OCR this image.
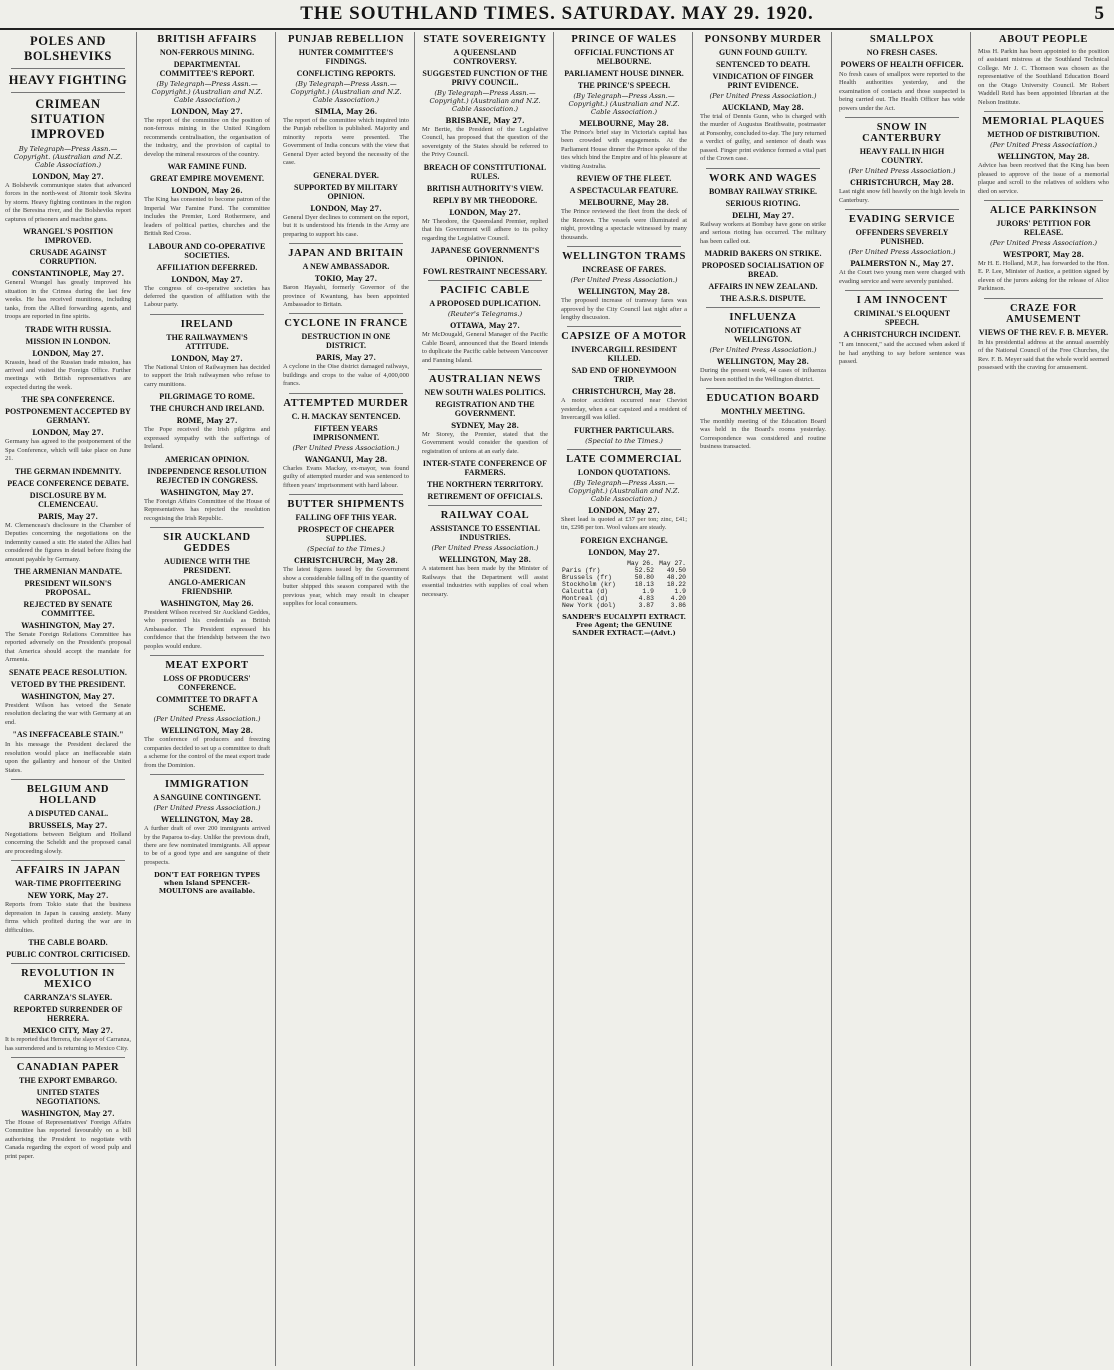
THE SOUTHLAND TIMES. SATURDAY. MAY 29. 1920.	5
POLES AND BOLSHEVIKS
HEAVY FIGHTING
CRIMEAN SITUATION IMPROVED
By Telegraph—Press Assn.—Copyright. (Australian and N.Z. Cable Association.)
LONDON, May 27.

A Bolshevik communique states that advanced forces in the north-west of Jitomir took Skvira by storm. Heavy fighting continues in the region of the Beresina river, and the Bolsheviks report captures of prisoners and machine guns.

WRANGEL'S POSITION IMPROVED.
CRUSADE AGAINST CORRUPTION.
CONSTANTINOPLE, May 27.

General Wrangel has greatly improved his situation in the Crimea during the last few weeks. He has received munitions, including tanks, from the Allied forwarding agents, and troops are reported in fine spirits.

TRADE WITH RUSSIA.
MISSION IN LONDON.
LONDON, May 27.

Krassin, head of the Russian trade mission, has arrived and visited the Foreign Office. Further meetings with British representatives are expected during the week.

THE SPA CONFERENCE.
POSTPONEMENT ACCEPTED BY GERMANY.
LONDON, May 27.

Germany has agreed to the postponement of the Spa Conference, which will take place on June 21.

THE GERMAN INDEMNITY.
PEACE CONFERENCE DEBATE.
DISCLOSURE BY M. CLEMENCEAU.
PARIS, May 27.

M. Clemenceau's disclosure in the Chamber of Deputies concerning the negotiations on the indemnity caused a stir. He stated the Allies had considered the figures in detail before fixing the amount payable by Germany.

THE ARMENIAN MANDATE.
PRESIDENT WILSON'S PROPOSAL.
REJECTED BY SENATE COMMITTEE.
WASHINGTON, May 27.

The Senate Foreign Relations Committee has reported adversely on the President's proposal that America should accept the mandate for Armenia.

SENATE PEACE RESOLUTION.
VETOED BY THE PRESIDENT.
WASHINGTON, May 27.

President Wilson has vetoed the Senate resolution declaring the war with Germany at an end.

"AS INEFFACEABLE STAIN."

In his message the President declared the resolution would place an ineffaceable stain upon the gallantry and honour of the United States.

BELGIUM AND HOLLAND
A DISPUTED CANAL.
BRUSSELS, May 27.

Negotiations between Belgium and Holland concerning the Scheldt and the proposed canal are proceeding slowly.

AFFAIRS IN JAPAN
WAR-TIME PROFITEERING
NEW YORK, May 27.

Reports from Tokio state that the business depression in Japan is causing anxiety. Many firms which profited during the war are in difficulties.

THE CABLE BOARD.
PUBLIC CONTROL CRITICISED.
REVOLUTION IN MEXICO
CARRANZA'S SLAYER.
REPORTED SURRENDER OF HERRERA.
MEXICO CITY, May 27.

It is reported that Herrera, the slayer of Carranza, has surrendered and is returning to Mexico City.

CANADIAN PAPER
THE EXPORT EMBARGO.
UNITED STATES NEGOTIATIONS.
WASHINGTON, May 27.

The House of Representatives' Foreign Affairs Committee has reported favourably on a bill authorising the President to negotiate with Canada regarding the export of wood pulp and print paper.

BRITISH AFFAIRS
NON-FERROUS MINING.
DEPARTMENTAL COMMITTEE'S REPORT.
(By Telegraph—Press Assn.—Copyright.) (Australian and N.Z. Cable Association.)
LONDON, May 27.

The report of the committee on the position of non-ferrous mining in the United Kingdom recommends centralisation, the organisation of the industry, and the provision of capital to develop the mineral resources of the country.

WAR FAMINE FUND.
GREAT EMPIRE MOVEMENT.
LONDON, May 26.

The King has consented to become patron of the Imperial War Famine Fund. The committee includes the Premier, Lord Rothermere, and leaders of political parties, churches and the British Red Cross.

LABOUR AND CO-OPERATIVE SOCIETIES.
AFFILIATION DEFERRED.
LONDON, May 27.

The congress of co-operative societies has deferred the question of affiliation with the Labour party.

IRELAND
THE RAILWAYMEN'S ATTITUDE.
LONDON, May 27.

The National Union of Railwaymen has decided to support the Irish railwaymen who refuse to carry munitions.

PILGRIMAGE TO ROME.
THE CHURCH AND IRELAND.
ROME, May 27.

The Pope received the Irish pilgrims and expressed sympathy with the sufferings of Ireland.

AMERICAN OPINION.
INDEPENDENCE RESOLUTION REJECTED IN CONGRESS.
WASHINGTON, May 27.

The Foreign Affairs Committee of the House of Representatives has rejected the resolution recognising the Irish Republic.

SIR AUCKLAND GEDDES
AUDIENCE WITH THE PRESIDENT.
ANGLO-AMERICAN FRIENDSHIP.
WASHINGTON, May 26.

President Wilson received Sir Auckland Geddes, who presented his credentials as British Ambassador. The President expressed his confidence that the friendship between the two peoples would endure.

MEAT EXPORT
LOSS OF PRODUCERS' CONFERENCE.
COMMITTEE TO DRAFT A SCHEME.
(Per United Press Association.)
WELLINGTON, May 28.

The conference of producers and freezing companies decided to set up a committee to draft a scheme for the control of the meat export trade from the Dominion.

IMMIGRATION
A SANGUINE CONTINGENT.
(Per United Press Association.)
WELLINGTON, May 28.

A further draft of over 200 immigrants arrived by the Paparoa to-day. Unlike the previous draft, there are few nominated immigrants. All appear to be of a good type and are sanguine of their prospects.

DON'T EAT FOREIGN TYPES when Island SPENCER-MOULTONS are available.
PUNJAB REBELLION
HUNTER COMMITTEE'S FINDINGS.
CONFLICTING REPORTS.
(By Telegraph—Press Assn.—Copyright.) (Australian and N.Z. Cable Association.)
SIMLA, May 26.

The report of the committee which inquired into the Punjab rebellion is published. Majority and minority reports were presented. The Government of India concurs with the view that General Dyer acted beyond the necessity of the case.

GENERAL DYER.
SUPPORTED BY MILITARY OPINION.
LONDON, May 27.

General Dyer declines to comment on the report, but it is understood his friends in the Army are preparing to support his case.

JAPAN AND BRITAIN
A NEW AMBASSADOR.
TOKIO, May 27.

Baron Hayashi, formerly Governor of the province of Kwantung, has been appointed Ambassador to Britain.

CYCLONE IN FRANCE
DESTRUCTION IN ONE DISTRICT.
PARIS, May 27.

A cyclone in the Oise district damaged railways, buildings and crops to the value of 4,000,000 francs.

ATTEMPTED MURDER
C. H. MACKAY SENTENCED.
FIFTEEN YEARS IMPRISONMENT.
(Per United Press Association.)
WANGANUI, May 28.

Charles Evans Mackay, ex-mayor, was found guilty of attempted murder and was sentenced to fifteen years' imprisonment with hard labour.

BUTTER SHIPMENTS
FALLING OFF THIS YEAR.
PROSPECT OF CHEAPER SUPPLIES.
(Special to the Times.)
CHRISTCHURCH, May 28.

The latest figures issued by the Government show a considerable falling off in the quantity of butter shipped this season compared with the previous year, which may result in cheaper supplies for local consumers.

STATE SOVEREIGNTY
A QUEENSLAND CONTROVERSY.
SUGGESTED FUNCTION OF THE PRIVY COUNCIL.
(By Telegraph—Press Assn.—Copyright.) (Australian and N.Z. Cable Association.)
BRISBANE, May 27.

Mr Bertie, the President of the Legislative Council, has proposed that the question of the sovereignty of the States should be referred to the Privy Council.

BREACH OF CONSTITUTIONAL RULES.
BRITISH AUTHORITY'S VIEW.
REPLY BY MR THEODORE.
LONDON, May 27.

Mr Theodore, the Queensland Premier, replied that his Government will adhere to its policy regarding the Legislative Council.

JAPANESE GOVERNMENT'S OPINION.
FOWL RESTRAINT NECESSARY.
PACIFIC CABLE
A PROPOSED DUPLICATION.
(Reuter's Telegrams.)
OTTAWA, May 27.

Mr McDougald, General Manager of the Pacific Cable Board, announced that the Board intends to duplicate the Pacific cable between Vancouver and Fanning Island.

AUSTRALIAN NEWS
NEW SOUTH WALES POLITICS.
REGISTRATION AND THE GOVERNMENT.
SYDNEY, May 28.

Mr Storey, the Premier, stated that the Government would consider the question of registration of unions at an early date.

INTER-STATE CONFERENCE OF FARMERS.
THE NORTHERN TERRITORY.
RETIREMENT OF OFFICIALS.
RAILWAY COAL
ASSISTANCE TO ESSENTIAL INDUSTRIES.
(Per United Press Association.)
WELLINGTON, May 28.

A statement has been made by the Minister of Railways that the Department will assist essential industries with supplies of coal when necessary.

PRINCE OF WALES
OFFICIAL FUNCTIONS AT MELBOURNE.
PARLIAMENT HOUSE DINNER.
THE PRINCE'S SPEECH.
(By Telegraph—Press Assn.—Copyright.) (Australian and N.Z. Cable Association.)
MELBOURNE, May 28.

The Prince's brief stay in Victoria's capital has been crowded with engagements. At the Parliament House dinner the Prince spoke of the ties which bind the Empire and of his pleasure at visiting Australia.

REVIEW OF THE FLEET.
A SPECTACULAR FEATURE.
MELBOURNE, May 28.

The Prince reviewed the fleet from the deck of the Renown. The vessels were illuminated at night, providing a spectacle witnessed by many thousands.

WELLINGTON TRAMS
INCREASE OF FARES.
(Per United Press Association.)
WELLINGTON, May 28.

The proposed increase of tramway fares was approved by the City Council last night after a lengthy discussion.

CAPSIZE OF A MOTOR
INVERCARGILL RESIDENT KILLED.
SAD END OF HONEYMOON TRIP.
CHRISTCHURCH, May 28.

A motor accident occurred near Cheviot yesterday, when a car capsized and a resident of Invercargill was killed.

FURTHER PARTICULARS.
(Special to the Times.)
LATE COMMERCIAL
LONDON QUOTATIONS.
(By Telegraph—Press Assn.—Copyright.) (Australian and N.Z. Cable Association.)
LONDON, May 27.

Sheet lead is quoted at £37 per ton; zinc, £41; tin, £298 per ton. Wool values are steady.

FOREIGN EXCHANGE.
LONDON, May 27.
	May 26.	May 27.
Paris (fr)	52.52	49.50
Brussels (fr)	50.80	48.20
Stockholm (kr)	18.13	18.22
Calcutta (d)	1.9	1.9
Montreal (d)	4.83	4.20
New York (dol)	3.87	3.86
SANDER'S EUCALYPTI EXTRACT. Free Agent; the GENUINE SANDER EXTRACT.—(Advt.)
PONSONBY MURDER
GUNN FOUND GUILTY.
SENTENCED TO DEATH.
VINDICATION OF FINGER PRINT EVIDENCE.
(Per United Press Association.)
AUCKLAND, May 28.

The trial of Dennis Gunn, who is charged with the murder of Augustus Braithwaite, postmaster at Ponsonby, concluded to-day. The jury returned a verdict of guilty, and sentence of death was passed. Finger print evidence formed a vital part of the Crown case.

WORK AND WAGES
BOMBAY RAILWAY STRIKE.
SERIOUS RIOTING.
DELHI, May 27.

Railway workers at Bombay have gone on strike and serious rioting has occurred. The military has been called out.

MADRID BAKERS ON STRIKE.
PROPOSED SOCIALISATION OF BREAD.
AFFAIRS IN NEW ZEALAND.
THE A.S.R.S. DISPUTE.
INFLUENZA
NOTIFICATIONS AT WELLINGTON.
(Per United Press Association.)
WELLINGTON, May 28.

During the present week, 44 cases of influenza have been notified in the Wellington district.

EDUCATION BOARD
MONTHLY MEETING.

The monthly meeting of the Education Board was held in the Board's rooms yesterday. Correspondence was considered and routine business transacted.

SMALLPOX
NO FRESH CASES.
POWERS OF HEALTH OFFICER.

No fresh cases of smallpox were reported to the Health authorities yesterday, and the examination of contacts and those suspected is being carried out. The Health Officer has wide powers under the Act.

SNOW IN CANTERBURY
HEAVY FALL IN HIGH COUNTRY.
(Per United Press Association.)
CHRISTCHURCH, May 28.

Last night snow fell heavily on the high levels in Canterbury.

EVADING SERVICE
OFFENDERS SEVERELY PUNISHED.
(Per United Press Association.)
PALMERSTON N., May 27.

At the Court two young men were charged with evading service and were severely punished.

I AM INNOCENT
CRIMINAL'S ELOQUENT SPEECH.
A CHRISTCHURCH INCIDENT.

"I am innocent," said the accused when asked if he had anything to say before sentence was passed.

ABOUT PEOPLE

Miss H. Parkin has been appointed to the position of assistant mistress at the Southland Technical College. Mr J. C. Thomson was chosen as the representative of the Southland Education Board on the Otago University Council. Mr Robert Waddell Reid has been appointed librarian at the Nelson Institute.

MEMORIAL PLAQUES
METHOD OF DISTRIBUTION.
(Per United Press Association.)
WELLINGTON, May 28.

Advice has been received that the King has been pleased to approve of the issue of a memorial plaque and scroll to the relatives of soldiers who died on service.

ALICE PARKINSON
JURORS' PETITION FOR RELEASE.
(Per United Press Association.)
WESTPORT, May 28.

Mr H. E. Holland, M.P., has forwarded to the Hon. E. P. Lee, Minister of Justice, a petition signed by eleven of the jurors asking for the release of Alice Parkinson.

CRAZE FOR AMUSEMENT
VIEWS OF THE REV. F. B. MEYER.

In his presidential address at the annual assembly of the National Council of the Free Churches, the Rev. F. B. Meyer said that the whole world seemed possessed with the craving for amusement.
